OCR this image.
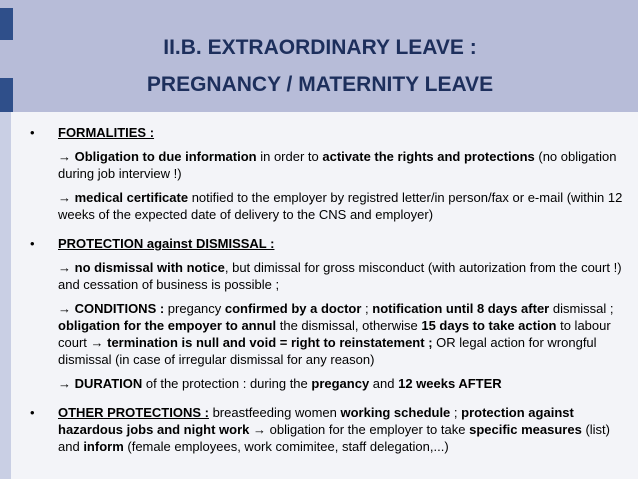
II.B. EXTRAORDINARY LEAVE :
PREGNANCY / MATERNITY LEAVE
• FORMALITIES :
→ Obligation to due information in order to activate the rights and protections (no obligation during job interview !)
→ medical certificate notified to the employer by registred letter/in person/fax or e-mail (within 12 weeks of the expected date of delivery to the CNS and employer)
• PROTECTION against DISMISSAL :
→ no dismissal with notice, but dimissal for gross misconduct (with autorization from the court !) and cessation of business is possible ;
→ CONDITIONS : pregancy confirmed by a doctor ; notification until 8 days after dismissal ; obligation for the empoyer to annul the dismissal, otherwise 15 days to take action to labour court → termination is null and void = right to reinstatement ; OR legal action for wrongful dismissal (in case of irregular dismissal for any reason)
→ DURATION of the protection : during the pregancy and 12 weeks AFTER
• OTHER PROTECTIONS : breastfeeding women working schedule ; protection against hazardous jobs and night work → obligation for the employer to take specific measures (list) and inform (female employees, work comimitee, staff delegation,...)
